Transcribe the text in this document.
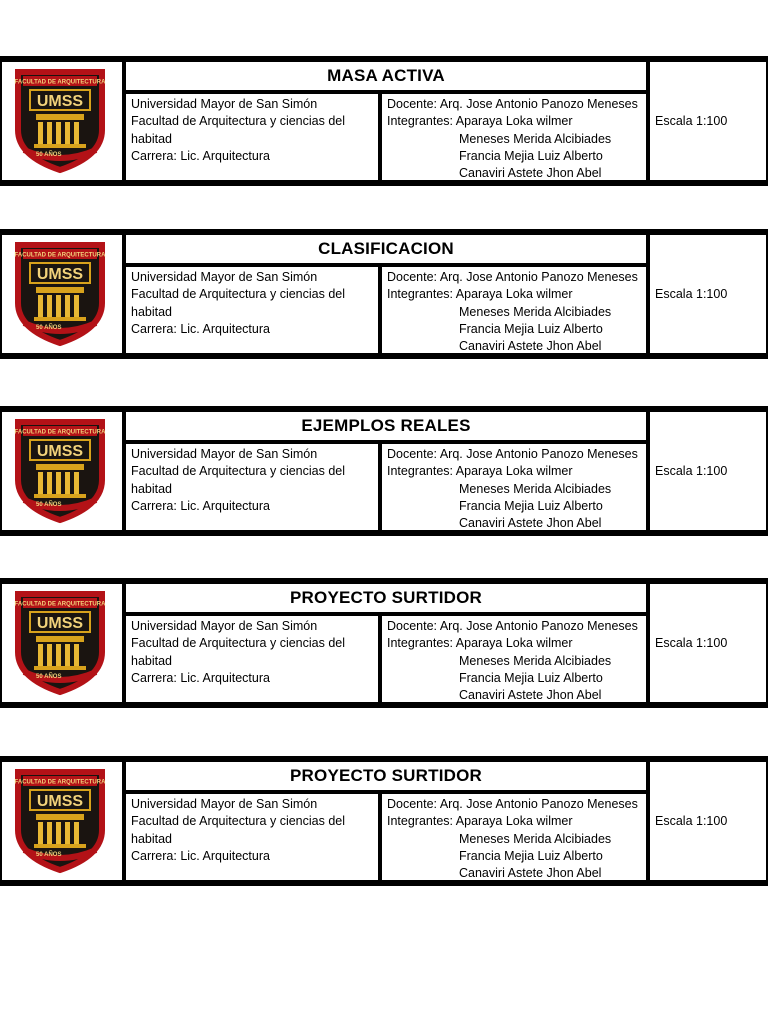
FACULTAD DE ARQUITECTURA
UMSS
50 AÑOS
MASA ACTIVA
Universidad Mayor de San Simón
Facultad de Arquitectura y ciencias del
habitad
Carrera: Lic. Arquitectura
Docente: Arq. Jose Antonio Panozo Meneses
Integrantes: Aparaya Loka wilmer
Meneses Merida Alcibiades
Francia Mejia Luiz Alberto
Canaviri Astete Jhon Abel
Escala 1:100
FACULTAD DE ARQUITECTURA
UMSS
50 AÑOS
CLASIFICACION
Universidad Mayor de San Simón
Facultad de Arquitectura y ciencias del
habitad
Carrera: Lic. Arquitectura
Docente: Arq. Jose Antonio Panozo Meneses
Integrantes: Aparaya Loka wilmer
Meneses Merida Alcibiades
Francia Mejia Luiz Alberto
Canaviri Astete Jhon Abel
Escala 1:100
FACULTAD DE ARQUITECTURA
UMSS
50 AÑOS
EJEMPLOS REALES
Universidad Mayor de San Simón
Facultad de Arquitectura y ciencias del
habitad
Carrera: Lic. Arquitectura
Docente: Arq. Jose Antonio Panozo Meneses
Integrantes: Aparaya Loka wilmer
Meneses Merida Alcibiades
Francia Mejia Luiz Alberto
Canaviri Astete Jhon Abel
Escala 1:100
FACULTAD DE ARQUITECTURA
UMSS
50 AÑOS
PROYECTO SURTIDOR
Universidad Mayor de San Simón
Facultad de Arquitectura y ciencias del
habitad
Carrera: Lic. Arquitectura
Docente: Arq. Jose Antonio Panozo Meneses
Integrantes: Aparaya Loka wilmer
Meneses Merida Alcibiades
Francia Mejia Luiz Alberto
Canaviri Astete Jhon Abel
Escala 1:100
FACULTAD DE ARQUITECTURA
UMSS
50 AÑOS
PROYECTO SURTIDOR
Universidad Mayor de San Simón
Facultad de Arquitectura y ciencias del
habitad
Carrera: Lic. Arquitectura
Docente: Arq. Jose Antonio Panozo Meneses
Integrantes: Aparaya Loka wilmer
Meneses Merida Alcibiades
Francia Mejia Luiz Alberto
Canaviri Astete Jhon Abel
Escala 1:100
